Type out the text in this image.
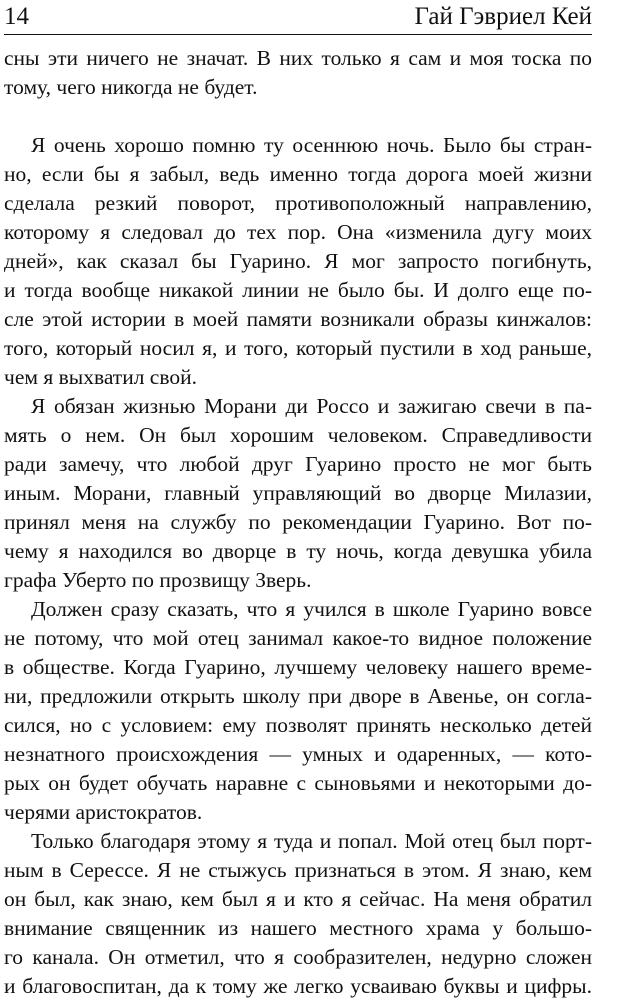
14	Гай Гэвриел Кей
сны эти ничего не значат. В них только я сам и моя тоска по
тому, чего никогда не будет.
Я очень хорошо помню ту осеннюю ночь. Было бы стран-
но, если бы я забыл, ведь именно тогда дорога моей жизни
сделала резкий поворот, противоположный направлению,
которому я следовал до тех пор. Она «изменила дугу моих
дней», как сказал бы Гуарино. Я мог запросто погибнуть,
и тогда вообще никакой линии не было бы. И долго еще по-
сле этой истории в моей памяти возникали образы кинжалов:
того, который носил я, и того, который пустили в ход раньше,
чем я выхватил свой.
Я обязан жизнью Морани ди Россо и зажигаю свечи в па-
мять о нем. Он был хорошим человеком. Справедливости
ради замечу, что любой друг Гуарино просто не мог быть
иным. Морани, главный управляющий во дворце Милазии,
принял меня на службу по рекомендации Гуарино. Вот по-
чему я находился во дворце в ту ночь, когда девушка убила
графа Уберто по прозвищу Зверь.
Должен сразу сказать, что я учился в школе Гуарино вовсе
не потому, что мой отец занимал какое-то видное положение
в обществе. Когда Гуарино, лучшему человеку нашего време-
ни, предложили открыть школу при дворе в Авенье, он согла-
сился, но с условием: ему позволят принять несколько детей
незнатного происхождения — умных и одаренных, — кото-
рых он будет обучать наравне с сыновьями и некоторыми до-
черями аристократов.
Только благодаря этому я туда и попал. Мой отец был порт-
ным в Серессе. Я не стыжусь признаться в этом. Я знаю, кем
он был, как знаю, кем был я и кто я сейчас. На меня обратил
внимание священник из нашего местного храма у большо-
го канала. Он отметил, что я сообразителен, недурно сложен
и благовоспитан, да к тому же легко усваиваю буквы и цифры.
